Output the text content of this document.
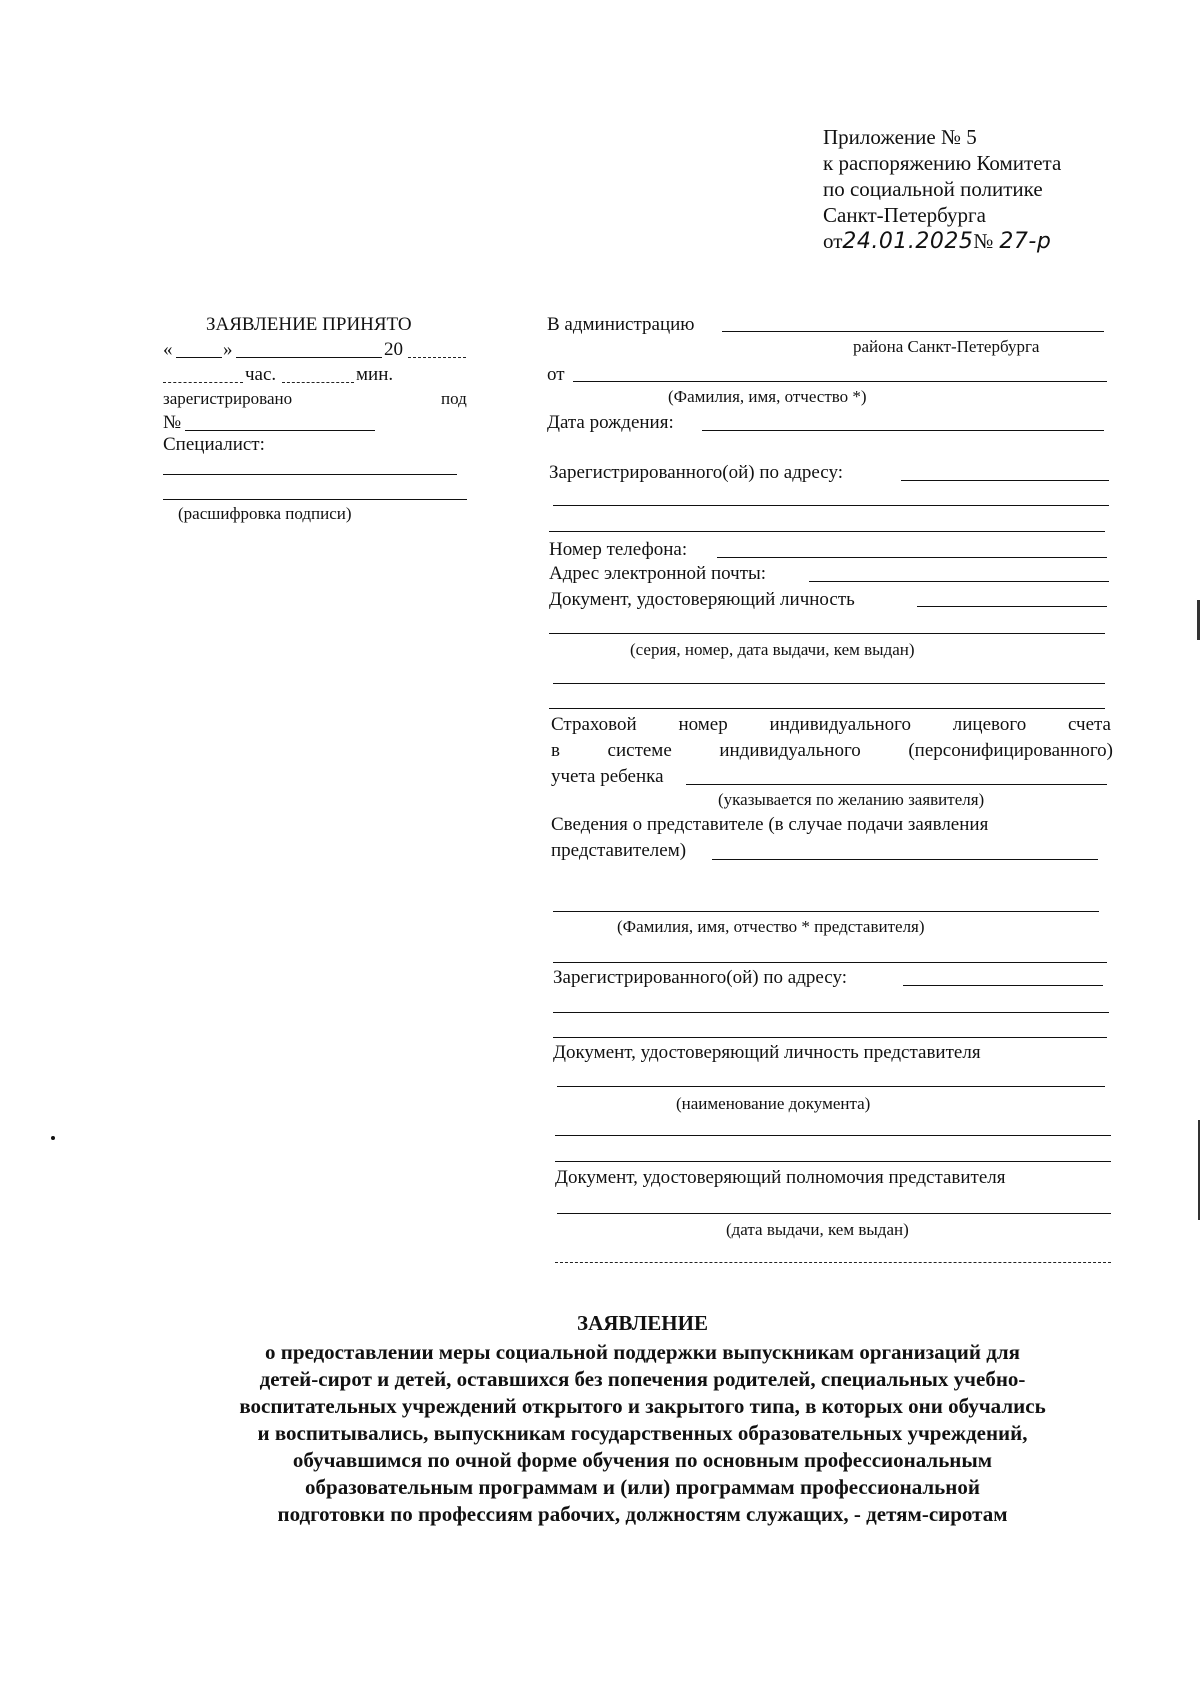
Приложение № 5
к распоряжению Комитета
по социальной политике
Санкт-Петербурга
от24.01.2025№ 27-р
ЗАЯВЛЕНИЕ ПРИНЯТО
«	»	20
час.	мин.
зарегистрировано	под
№
Специалист:
(расшифровка подписи)
В администрацию
района Санкт-Петербурга
от
(Фамилия, имя, отчество *)
Дата рождения:
Зарегистрированного(ой) по адресу:
Номер телефона:
Адрес электронной почты:
Документ, удостоверяющий личность
(серия, номер, дата выдачи, кем выдан)
Страховой номер индивидуального лицевого счета
в системе индивидуального (персонифицированного)
учета ребенка
(указывается по желанию заявителя)
Сведения о представителе (в случае подачи заявления
представителем)
(Фамилия, имя, отчество * представителя)
Зарегистрированного(ой) по адресу:
Документ, удостоверяющий личность представителя
(наименование документа)
Документ, удостоверяющий полномочия представителя
(дата выдачи, кем выдан)
ЗАЯВЛЕНИЕ
о предоставлении меры социальной поддержки выпускникам организаций для
детей-сирот и детей, оставшихся без попечения родителей, специальных учебно-
воспитательных учреждений открытого и закрытого типа, в которых они обучались
и воспитывались, выпускникам государственных образовательных учреждений,
обучавшимся по очной форме обучения по основным профессиональным
образовательным программам и (или) программам профессиональной
подготовки по профессиям рабочих, должностям служащих, - детям-сиротам
